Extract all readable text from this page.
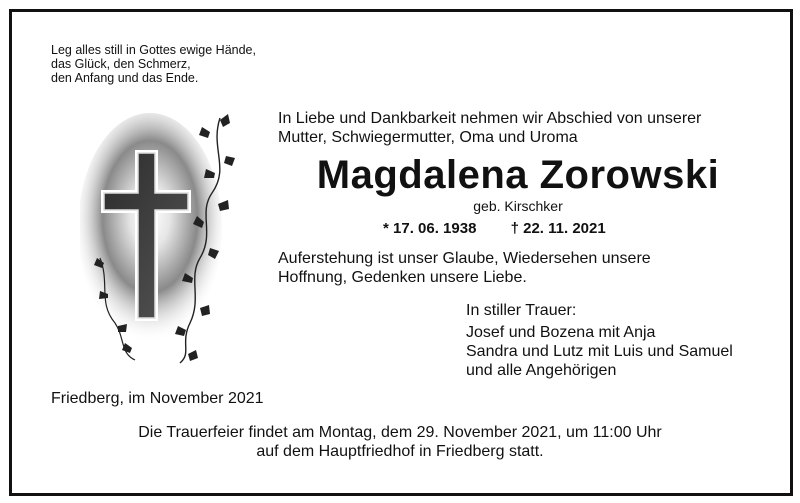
Leg alles still in Gottes ewige Hände,
das Glück, den Schmerz,
den Anfang und das Ende.
In Liebe und Dankbarkeit nehmen wir Abschied von unserer
Mutter, Schwiegermutter, Oma und Uroma
Magdalena Zorowski
geb. Kirschker
* 17. 06. 1938 † 22. 11. 2021
Auferstehung ist unser Glaube, Wiedersehen unsere
Hoffnung, Gedenken unsere Liebe.
In stiller Trauer:
Josef und Bozena mit Anja
Sandra und Lutz mit Luis und Samuel
und alle Angehörigen
Friedberg, im November 2021
Die Trauerfeier findet am Montag, dem 29. November 2021, um 11:00 Uhr
auf dem Hauptfriedhof in Friedberg statt.
